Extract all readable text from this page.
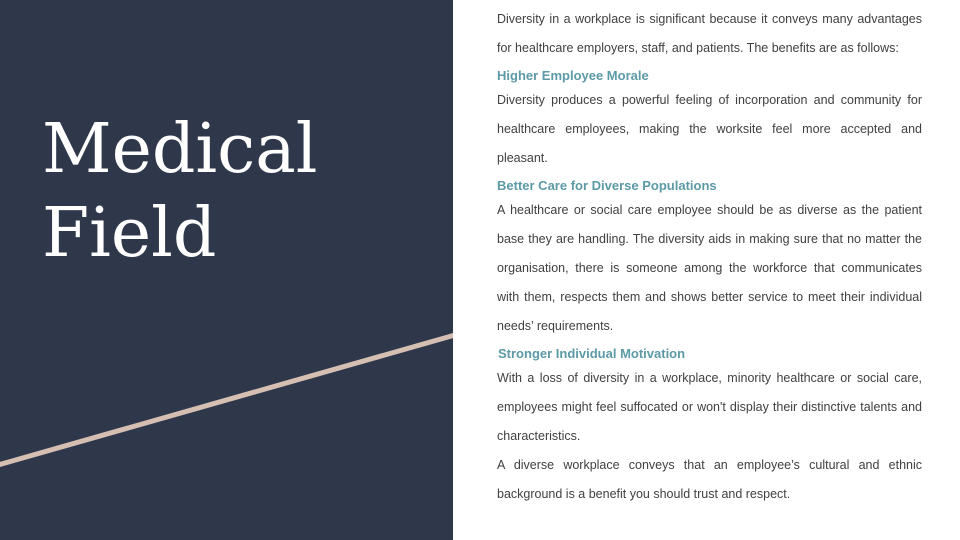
Medical
Field

Diversity in a workplace is significant because it conveys many advantages for healthcare employers, staff, and patients. The benefits are as follows:

Higher Employee Morale

Diversity produces a powerful feeling of incorporation and community for healthcare employees, making the worksite feel more accepted and pleasant.

Better Care for Diverse Populations

A healthcare or social care employee should be as diverse as the patient base they are handling. The diversity aids in making sure that no matter the organisation, there is someone among the workforce that communicates with them, respects them and shows better service to meet their individual needs’ requirements.

Stronger Individual Motivation

With a loss of diversity in a workplace, minority healthcare or social care, employees might feel suffocated or won't display their distinctive talents and characteristics.

A diverse workplace conveys that an employee’s cultural and ethnic background is a benefit you should trust and respect.
